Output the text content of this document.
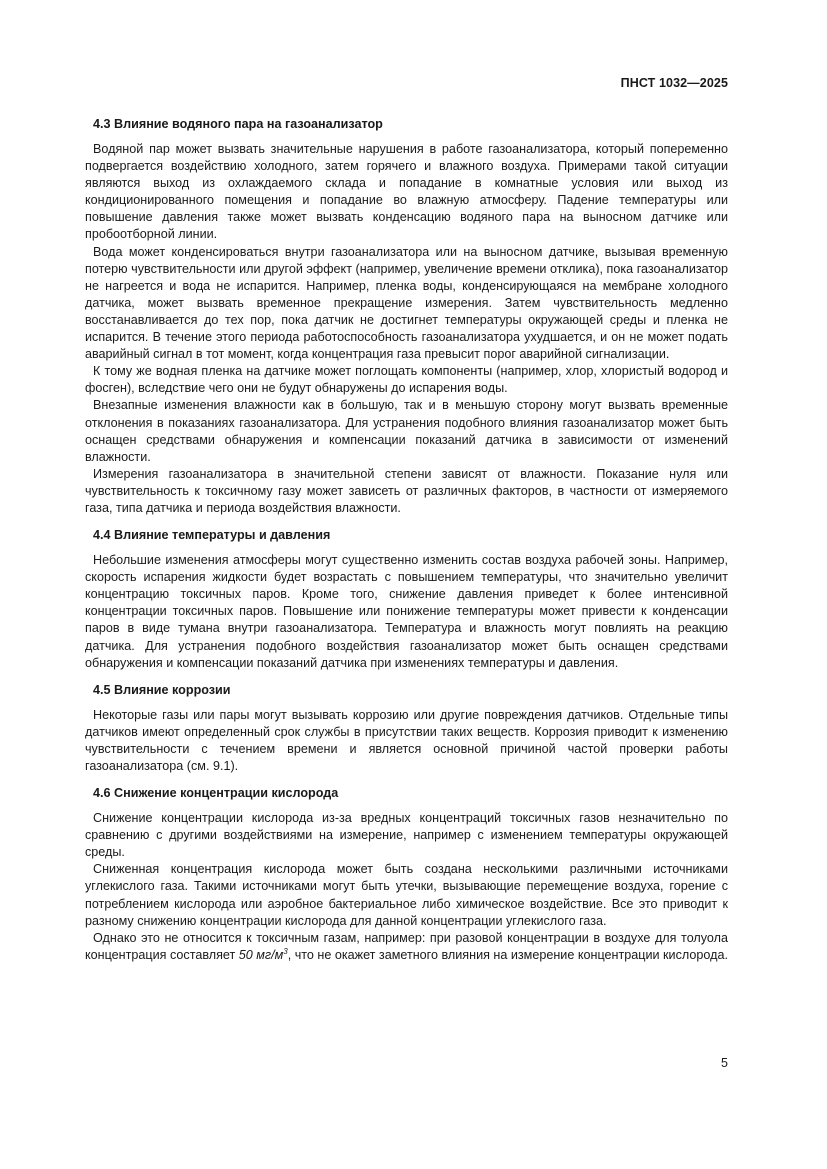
ПНСТ 1032—2025
4.3 Влияние водяного пара на газоанализатор

Водяной пар может вызвать значительные нарушения в работе газоанализатора, который попеременно подвергается воздействию холодного, затем горячего и влажного воздуха. Примерами такой ситуации являются выход из охлаждаемого склада и попадание в комнатные условия или выход из кондиционированного помещения и попадание во влажную атмосферу. Падение температуры или повышение давления также может вызвать конденсацию водяного пара на выносном датчике или пробоотборной линии.

Вода может конденсироваться внутри газоанализатора или на выносном датчике, вызывая временную потерю чувствительности или другой эффект (например, увеличение времени отклика), пока газоанализатор не нагреется и вода не испарится. Например, пленка воды, конденсирующаяся на мембране холодного датчика, может вызвать временное прекращение измерения. Затем чувствительность медленно восстанавливается до тех пор, пока датчик не достигнет температуры окружающей среды и пленка не испарится. В течение этого периода работоспособность газоанализатора ухудшается, и он не может подать аварийный сигнал в тот момент, когда концентрация газа превысит порог аварийной сигнализации.

К тому же водная пленка на датчике может поглощать компоненты (например, хлор, хлористый водород и фосген), вследствие чего они не будут обнаружены до испарения воды.

Внезапные изменения влажности как в большую, так и в меньшую сторону могут вызвать временные отклонения в показаниях газоанализатора. Для устранения подобного влияния газоанализатор может быть оснащен средствами обнаружения и компенсации показаний датчика в зависимости от изменений влажности.

Измерения газоанализатора в значительной степени зависят от влажности. Показание нуля или чувствительность к токсичному газу может зависеть от различных факторов, в частности от измеряемого газа, типа датчика и периода воздействия влажности.

4.4 Влияние температуры и давления

Небольшие изменения атмосферы могут существенно изменить состав воздуха рабочей зоны. Например, скорость испарения жидкости будет возрастать с повышением температуры, что значительно увеличит концентрацию токсичных паров. Кроме того, снижение давления приведет к более интенсивной концентрации токсичных паров. Повышение или понижение температуры может привести к конденсации паров в виде тумана внутри газоанализатора. Температура и влажность могут повлиять на реакцию датчика. Для устранения подобного воздействия газоанализатор может быть оснащен средствами обнаружения и компенсации показаний датчика при изменениях температуры и давления.

4.5 Влияние коррозии

Некоторые газы или пары могут вызывать коррозию или другие повреждения датчиков. Отдельные типы датчиков имеют определенный срок службы в присутствии таких веществ. Коррозия приводит к изменению чувствительности с течением времени и является основной причиной частой проверки работы газоанализатора (см. 9.1).

4.6 Снижение концентрации кислорода

Снижение концентрации кислорода из-за вредных концентраций токсичных газов незначительно по сравнению с другими воздействиями на измерение, например с изменением температуры окружающей среды.

Сниженная концентрация кислорода может быть создана несколькими различными источниками углекислого газа. Такими источниками могут быть утечки, вызывающие перемещение воздуха, горение с потреблением кислорода или аэробное бактериальное либо химическое воздействие. Все это приводит к разному снижению концентрации кислорода для данной концентрации углекислого газа.

Однако это не относится к токсичным газам, например: при разовой концентрации в воздухе для толуола концентрация составляет 50 $мг/м^3$, что не окажет заметного влияния на измерение концентрации кислорода.

5
